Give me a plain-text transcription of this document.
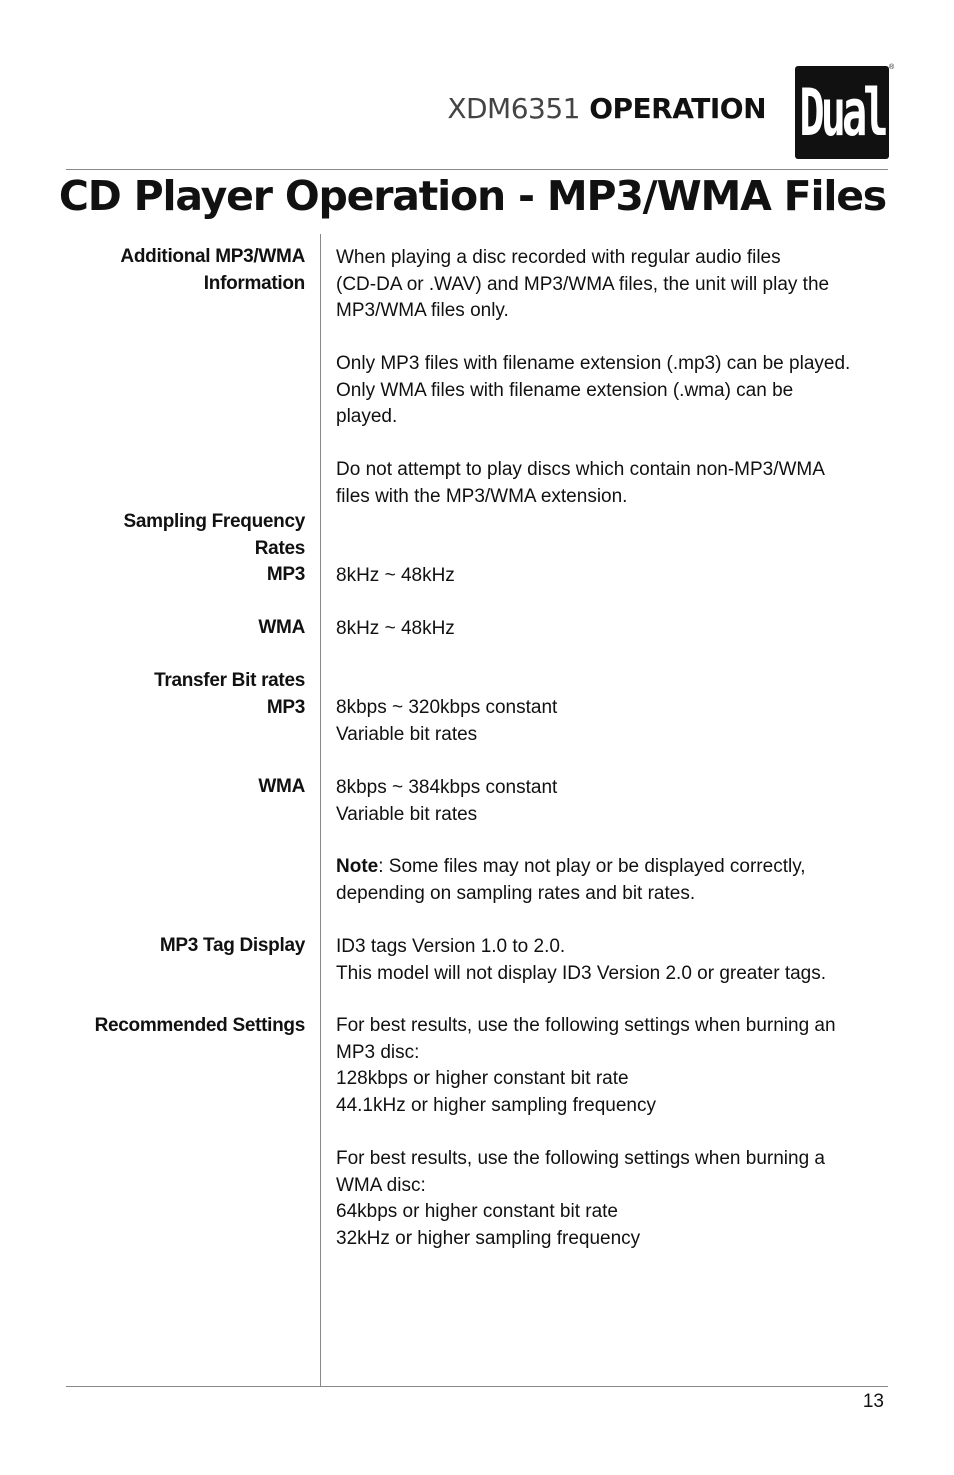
XDM6351 OPERATION Dual
®
CD Player Operation - MP3/WMA Files
Additional MP3/WMA
Information
Sampling Frequency
Rates
MP3
WMA
Transfer Bit rates
MP3
WMA
MP3 Tag Display
Recommended Settings
When playing a disc recorded with regular audio files
(CD-DA or .WAV) and MP3/WMA files, the unit will play the
MP3/WMA files only.
Only MP3 files with filename extension (.mp3) can be played.
Only WMA files with filename extension (.wma) can be
played.
Do not attempt to play discs which contain non-MP3/WMA
files with the MP3/WMA extension.
8kHz ~ 48kHz
8kHz ~ 48kHz
8kbps ~ 320kbps constant
Variable bit rates
8kbps ~ 384kbps constant
Variable bit rates
Note: Some files may not play or be displayed correctly,
depending on sampling rates and bit rates.
ID3 tags Version 1.0 to 2.0.
This model will not display ID3 Version 2.0 or greater tags.
For best results, use the following settings when burning an
MP3 disc:
128kbps or higher constant bit rate
44.1kHz or higher sampling frequency
For best results, use the following settings when burning a
WMA disc:
64kbps or higher constant bit rate
32kHz or higher sampling frequency
13
